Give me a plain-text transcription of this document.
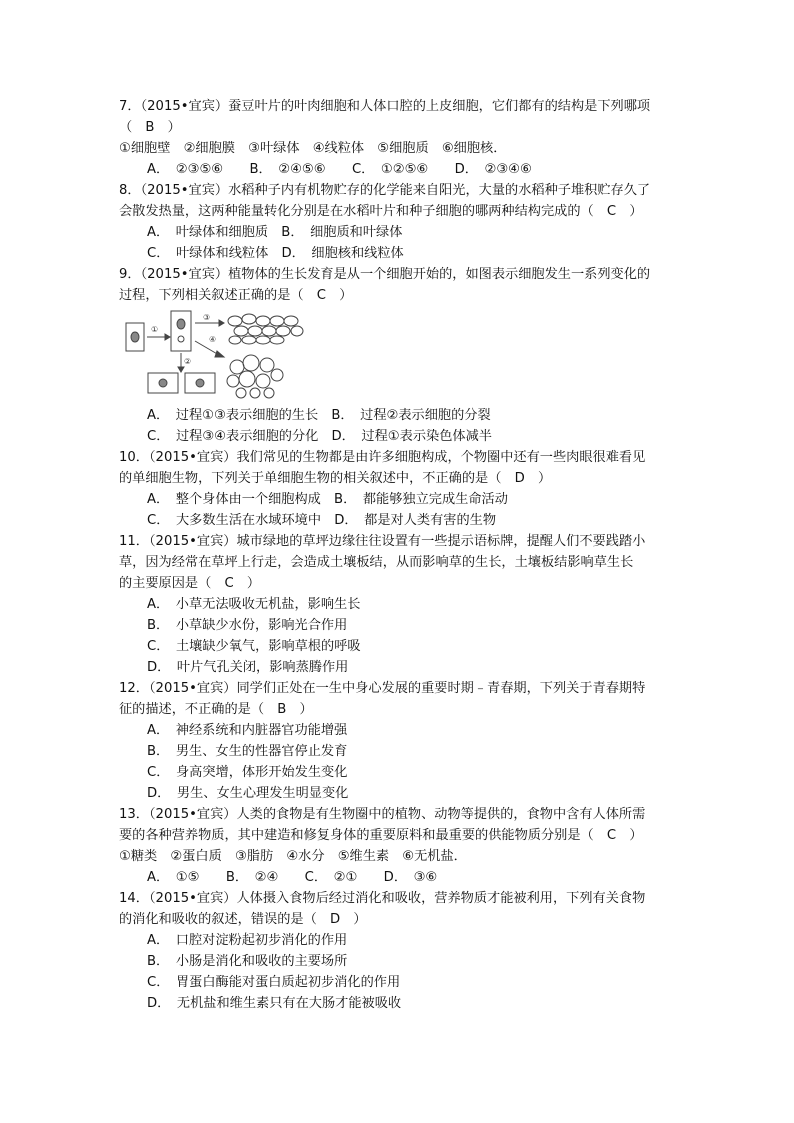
7．（2015•宜宾）蚕豆叶片的叶肉细胞和人体口腔的上皮细胞，它们都有的结构是下列哪项
（　B　）
①细胞壁　②细胞膜　③叶绿体　④线粒体　⑤细胞质　⑥细胞核．
A．　②③⑤⑥　　B．　②④⑤⑥　　C．　①②⑤⑥　　D．　②③④⑥
8．（2015•宜宾）水稻种子内有机物贮存的化学能来自阳光，大量的水稻种子堆积贮存久了
会散发热量，这两种能量转化分别是在水稻叶片和种子细胞的哪两种结构完成的（　C　）
A．　叶绿体和细胞质　B．　细胞质和叶绿体
C．　叶绿体和线粒体　D．　细胞核和线粒体
9．（2015•宜宾）植物体的生长发育是从一个细胞开始的，如图表示细胞发生一系列变化的
过程，下列相关叙述正确的是（　C　）
①
②
③
④
A．　过程①③表示细胞的生长　B．　过程②表示细胞的分裂
C．　过程③④表示细胞的分化　D．　过程①表示染色体减半
10．（2015•宜宾）我们常见的生物都是由许多细胞构成，个物圈中还有一些肉眼很难看见
的单细胞生物，下列关于单细胞生物的相关叙述中，不正确的是（　D　）
A．　整个身体由一个细胞构成　B．　都能够独立完成生命活动
C．　大多数生活在水域环境中　D．　都是对人类有害的生物
11．（2015•宜宾）城市绿地的草坪边缘往往设置有一些提示语标牌，提醒人们不要践踏小
草，因为经常在草坪上行走，会造成土壤板结，从而影响草的生长，土壤板结影响草生长
的主要原因是（　C　）
A．　小草无法吸收无机盐，影响生长
B．　小草缺少水份，影响光合作用
C．　土壤缺少氧气，影响草根的呼吸
D．　叶片气孔关闭，影响蒸腾作用
12．（2015•宜宾）同学们正处在一生中身心发展的重要时期﹣青春期，下列关于青春期特
征的描述，不正确的是（　B　）
A．　神经系统和内脏器官功能增强
B．　男生、女生的性器官停止发育
C．　身高突增，体形开始发生变化
D．　男生、女生心理发生明显变化
13．（2015•宜宾）人类的食物是有生物圈中的植物、动物等提供的，食物中含有人体所需
要的各种营养物质，其中建造和修复身体的重要原料和最重要的供能物质分别是（　C　）
①糖类　②蛋白质　③脂肪　④水分　⑤维生素　⑥无机盐．
A．　①⑤　　B．　②④　　C．　②①　　D．　③⑥
14．（2015•宜宾）人体摄入食物后经过消化和吸收，营养物质才能被利用，下列有关食物
的消化和吸收的叙述，错误的是（　D　）
A．　口腔对淀粉起初步消化的作用
B．　小肠是消化和吸收的主要场所
C．　胃蛋白酶能对蛋白质起初步消化的作用
D．　无机盐和维生素只有在大肠才能被吸收
